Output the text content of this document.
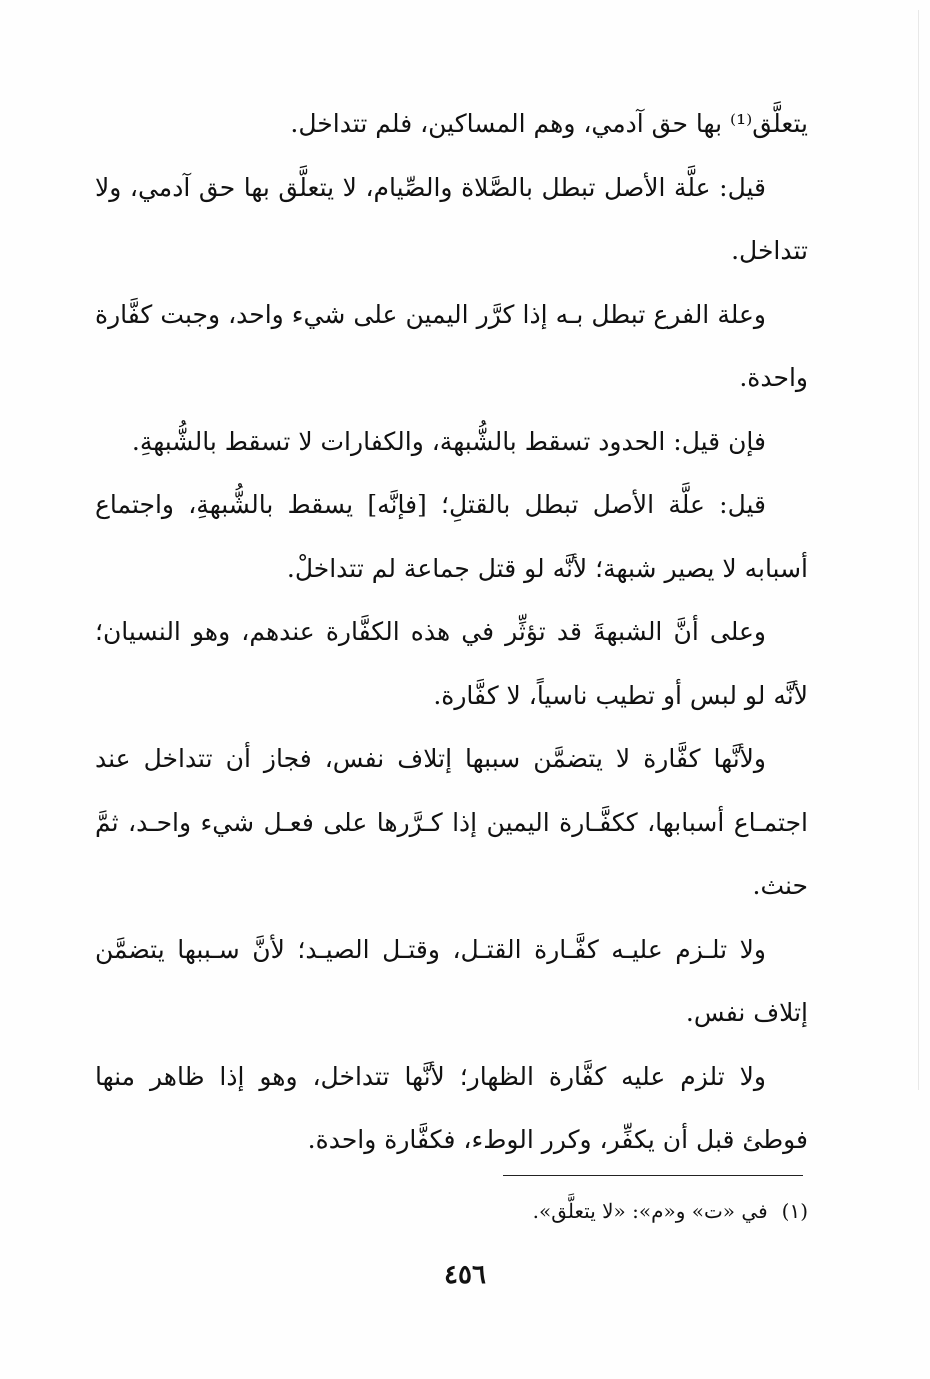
يتعلَّق⁽¹⁾ بها حق آدمي، وهم المساكين، فلم تتداخل.

قيل: علَّة الأصل تبطل بالصَّلاة والصِّيام، لا يتعلَّق بها حق آدمي، ولا تتداخل.

وعلة الفرع تبطل بـه إذا كرَّر اليمين على شيء واحد، وجبت كفَّارة واحدة.

فإن قيل: الحدود تسقط بالشُّبهة، والكفارات لا تسقط بالشُّبهةِ.

قيل: علَّة الأصل تبطل بالقتلِ؛ [فإنَّه] يسقط بالشُّبهةِ، واجتماع أسبابه لا يصير شبهة؛ لأنَّه لو قتل جماعة لم تتداخلْ.

وعلى أنَّ الشبهةَ قد تؤثِّر في هذه الكفَّارة عندهم، وهو النسيان؛ لأنَّه لو لبس أو تطيب ناسياً، لا كفَّارة.

ولأنَّها كفَّارة لا يتضمَّن سببها إتلاف نفس، فجاز أن تتداخل عند اجتمـاع أسبابها، ككفَّـارة اليمين إذا كـرَّرها على فعـل شيء واحـد، ثمَّ حنث.

ولا تلـزم عليـه كفَّـارة القتـل، وقتـل الصيـد؛ لأنَّ سـببها يتضمَّن إتلاف نفس.

ولا تلزم عليه كفَّارة الظهار؛ لأنَّها تتداخل، وهو إذا ظاهر منها فوطئ قبل أن يكفِّر، وكرر الوطء، فكفَّارة واحدة.

(١)في «ت» و«م»: «لا يتعلَّق».
٤٥٦
